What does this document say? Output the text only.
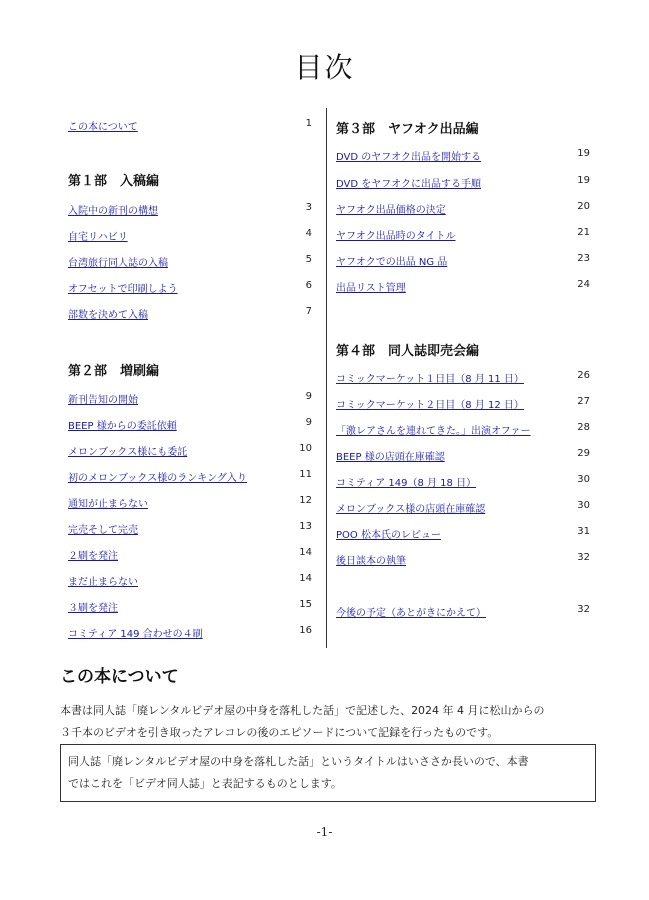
目次
この本について	1
第１部　入稿編
入院中の新刊の構想	3
自宅リハビリ	4
台湾旅行同人誌の入稿	5
オフセットで印刷しよう	6
部数を決めて入稿	7
第２部　増刷編
新刊告知の開始	9
BEEP 様からの委託依頼	9
メロンブックス様にも委託	10
初のメロンブックス様のランキング入り	11
通知が止まらない	12
完売そして完売	13
２刷を発注	14
まだ止まらない	14
３刷を発注	15
コミティア 149 合わせの４刷	16
第３部　ヤフオク出品編
DVD のヤフオク出品を開始する	19
DVD をヤフオクに出品する手順	19
ヤフオク出品価格の決定	20
ヤフオク出品時のタイトル	21
ヤフオクでの出品 NG 品	23
出品リスト管理	24
第４部　同人誌即売会編
コミックマーケット１日目（8 月 11 日）	26
コミックマーケット２日目（8 月 12 日）	27
「激レアさんを連れてきた。」出演オファー	28
BEEP 様の店頭在庫確認	29
コミティア 149（8 月 18 日）	30
メロンブックス様の店頭在庫確認	30
POO 松本氏のレビュー	31
後日談本の執筆	32
今後の予定（あとがきにかえて）	32
この本について
本書は同人誌「廃レンタルビデオ屋の中身を落札した話」で記述した、2024 年 4 月に松山からの
３千本のビデオを引き取ったアレコレの後のエピソードについて記録を行ったものです。
同人誌「廃レンタルビデオ屋の中身を落札した話」というタイトルはいささか長いので、本書
ではこれを「ビデオ同人誌」と表記するものとします。
-1-
